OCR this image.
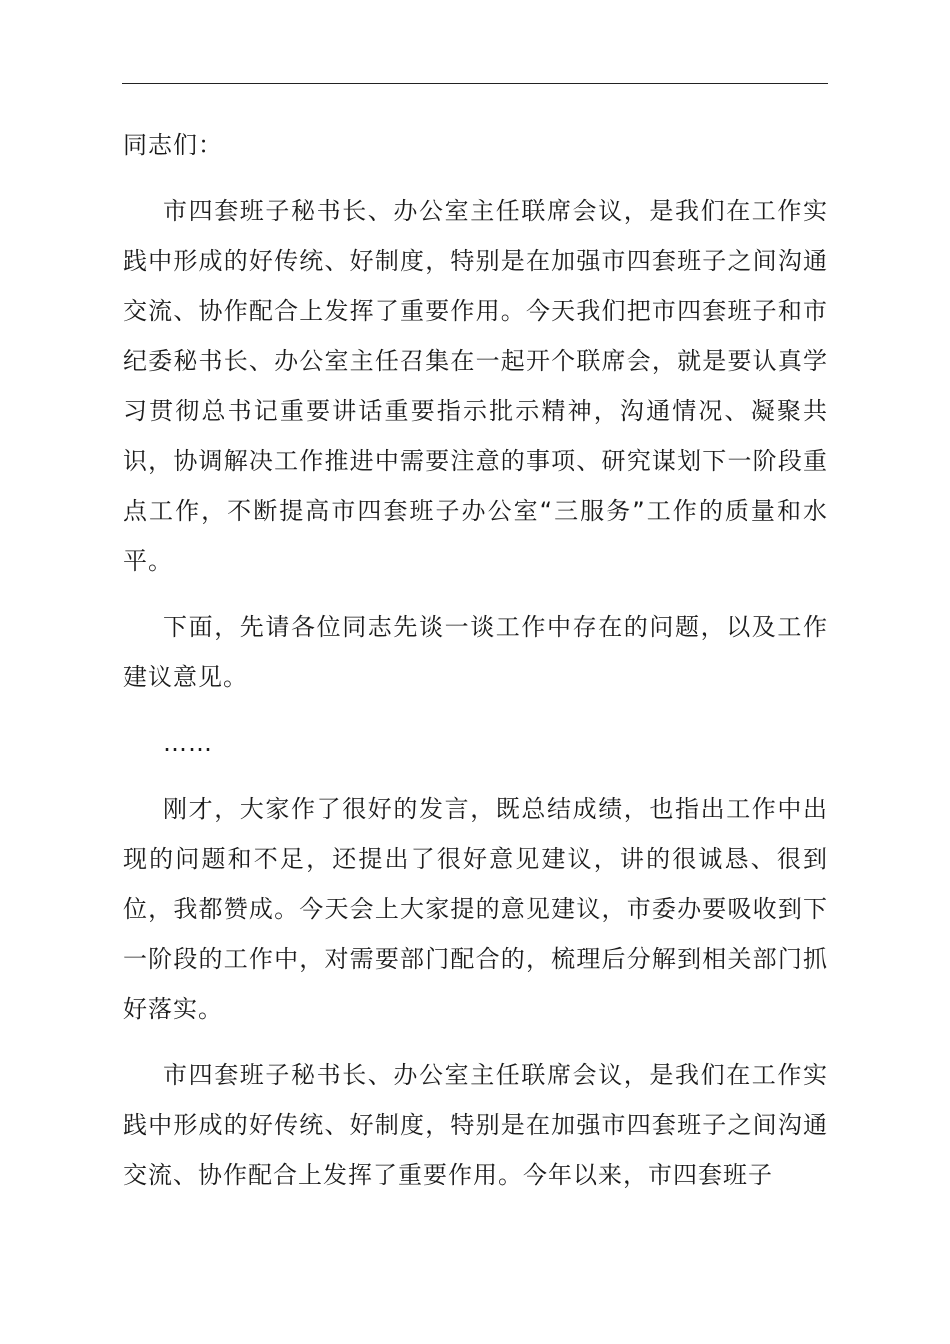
同志们：

市四套班子秘书长、办公室主任联席会议，是我们在工作实践中形成的好传统、好制度，特别是在加强市四套班子之间沟通交流、协作配合上发挥了重要作用。今天我们把市四套班子和市纪委秘书长、办公室主任召集在一起开个联席会，就是要认真学习贯彻总书记重要讲话重要指示批示精神，沟通情况、凝聚共识，协调解决工作推进中需要注意的事项、研究谋划下一阶段重点工作，不断提高市四套班子办公室“三服务”工作的质量和水平。

下面，先请各位同志先谈一谈工作中存在的问题，以及工作建议意见。

……

刚才，大家作了很好的发言，既总结成绩，也指出工作中出现的问题和不足，还提出了很好意见建议，讲的很诚恳、很到位，我都赞成。今天会上大家提的意见建议，市委办要吸收到下一阶段的工作中，对需要部门配合的，梳理后分解到相关部门抓好落实。

市四套班子秘书长、办公室主任联席会议，是我们在工作实践中形成的好传统、好制度，特别是在加强市四套班子之间沟通交流、协作配合上发挥了重要作用。今年以来，市四套班子
